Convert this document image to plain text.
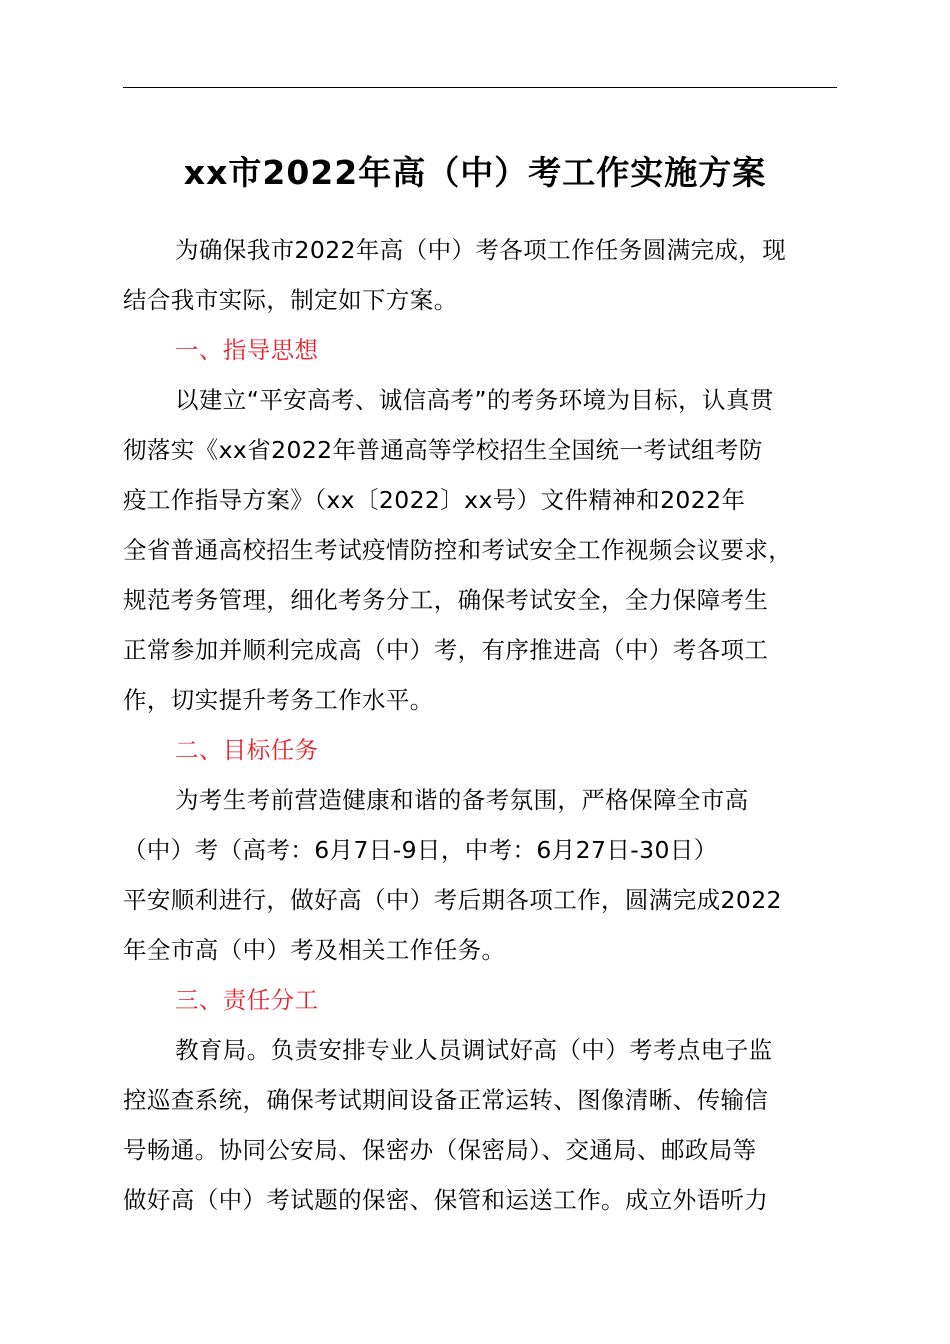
xx市2022年高（中）考工作实施方案
为确保我市2022年高（中）考各项工作任务圆满完成，现
结合我市实际，制定如下方案。
一、指导思想
以建立“平安高考、诚信高考”的考务环境为目标，认真贯
彻落实《xx省2022年普通高等学校招生全国统一考试组考防
疫工作指导方案》（xx〔2022〕xx号）文件精神和2022年
全省普通高校招生考试疫情防控和考试安全工作视频会议要求，
规范考务管理，细化考务分工，确保考试安全，全力保障考生
正常参加并顺利完成高（中）考，有序推进高（中）考各项工
作，切实提升考务工作水平。
二、目标任务
为考生考前营造健康和谐的备考氛围，严格保障全市高
（中）考（高考：6月7日-9日，中考：6月27日-30日）
平安顺利进行，做好高（中）考后期各项工作，圆满完成2022
年全市高（中）考及相关工作任务。
三、责任分工
教育局。负责安排专业人员调试好高（中）考考点电子监
控巡查系统，确保考试期间设备正常运转、图像清晰、传输信
号畅通。协同公安局、保密办（保密局）、交通局、邮政局等
做好高（中）考试题的保密、保管和运送工作。成立外语听力
